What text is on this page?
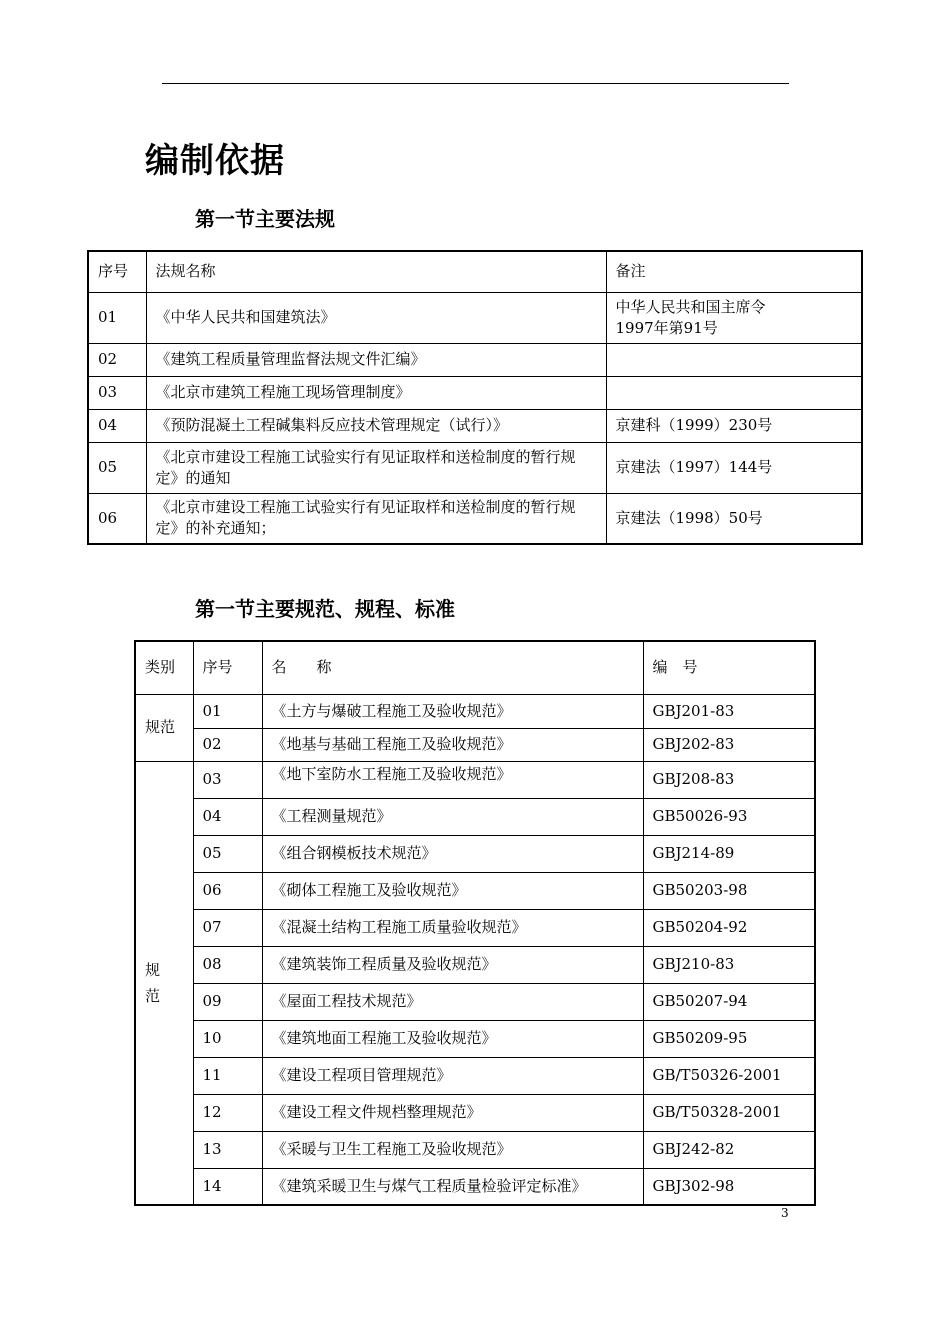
编制依据
第一节主要法规
序号	法规名称	备注
01	《中华人民共和国建筑法》	中华人民共和国主席令
1997年第91号

02	《建筑工程质量管理监督法规文件汇编》	
03	《北京市建筑工程施工现场管理制度》	
04	《预防混凝土工程碱集料反应技术管理规定（试行）》	京建科（1999）230号
05	《北京市建设工程施工试验实行有见证取样和送检制度的暂行规定》的通知	京建法（1997）144号
06	《北京市建设工程施工试验实行有见证取样和送检制度的暂行规定》的补充通知；	京建法（1998）50号
第一节主要规范、规程、标准
类别	序号	名　　称	编　号
规范	01	《土方与爆破工程施工及验收规范》	GBJ201-83
	02	《地基与基础工程施工及验收规范》	GBJ202-83

规
范	03	《地下室防水工程施工及验收规范》	GBJ208-83
	04	《工程测量规范》	GB50026-93
	05	《组合钢模板技术规范》	GBJ214-89
	06	《砌体工程施工及验收规范》	GB50203-98
	07	《混凝土结构工程施工质量验收规范》	GB50204-92
	08	《建筑装饰工程质量及验收规范》	GBJ210-83
	09	《屋面工程技术规范》	GB50207-94
	10	《建筑地面工程施工及验收规范》	GB50209-95
	11	《建设工程项目管理规范》	GB/T50326-2001
	12	《建设工程文件规档整理规范》	GB/T50328-2001
	13	《采暖与卫生工程施工及验收规范》	GBJ242-82
	14	《建筑采暖卫生与煤气工程质量检验评定标准》	GBJ302-98
3
